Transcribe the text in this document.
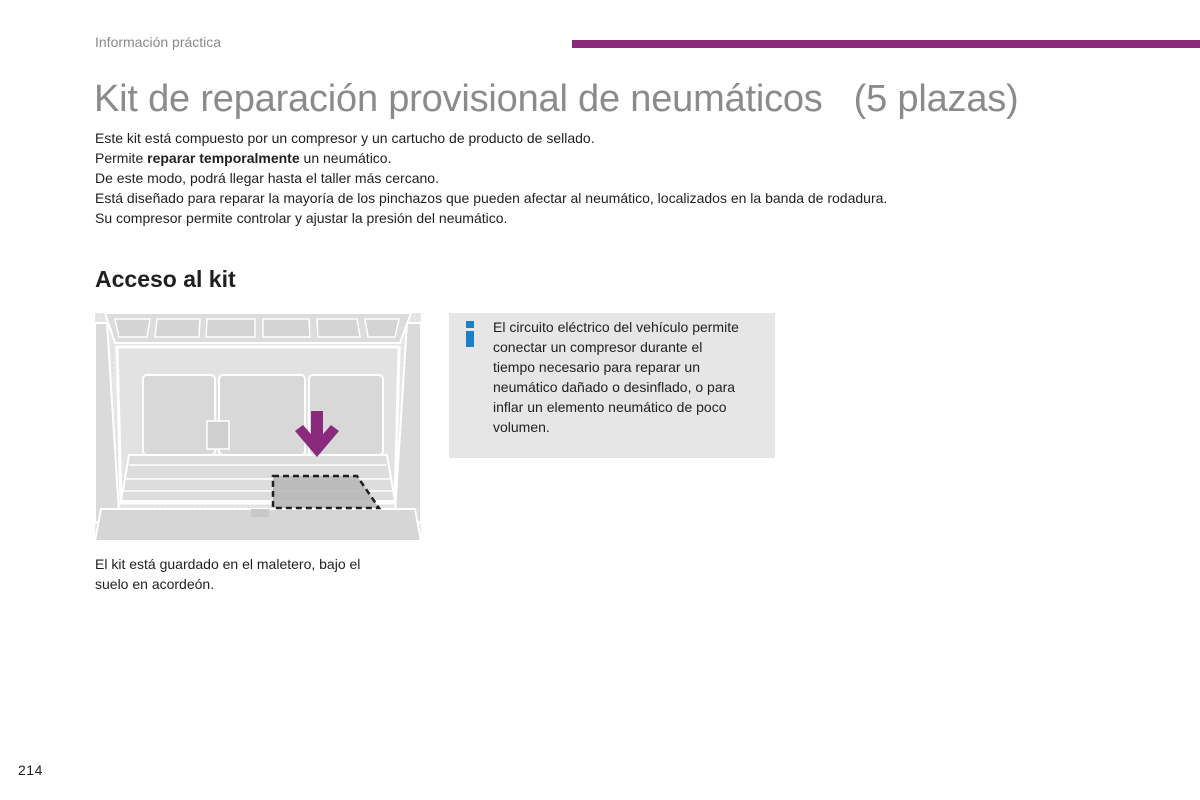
Información práctica
Kit de reparación provisional de neumáticos   (5 plazas)

Este kit está compuesto por un compresor y un cartucho de producto de sellado.

Permite reparar temporalmente un neumático.

De este modo, podrá llegar hasta el taller más cercano.

Está diseñado para reparar la mayoría de los pinchazos que pueden afectar al neumático, localizados en la banda de rodadura.

Su compresor permite controlar y ajustar la presión del neumático.

Acceso al kit

El kit está guardado en el maletero, bajo el

suelo en acordeón.

El circuito eléctrico del vehículo permite

conectar un compresor durante el

tiempo necesario para reparar un

neumático dañado o desinflado, o para

inflar un elemento neumático de poco

volumen.

214
